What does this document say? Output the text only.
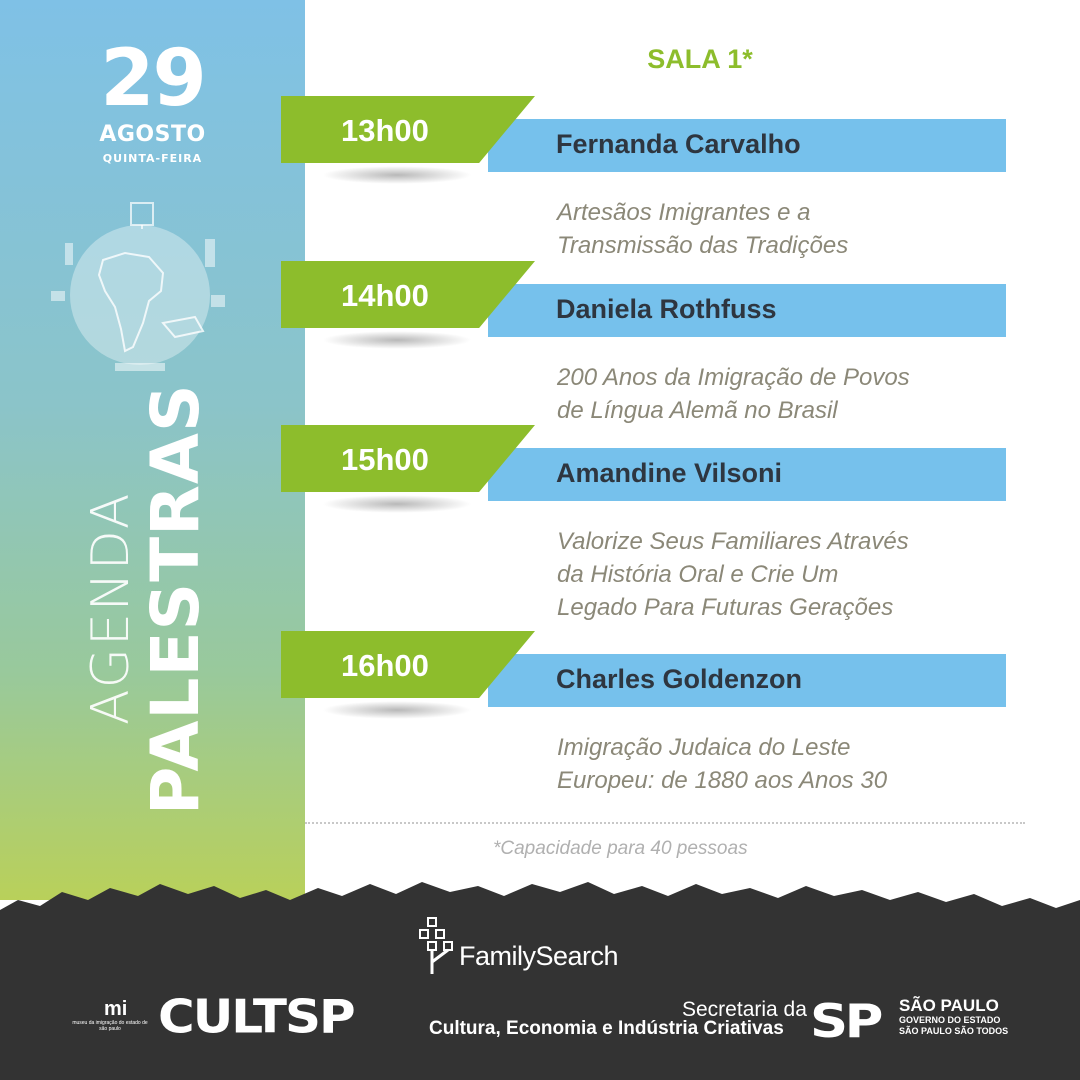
29
AGOSTO
QUINTA-FEIRA
AGENDA
PALESTRAS
SALA 1*
Fernanda Carvalho
13h00
Artesãos Imigrantes e a
Transmissão das Tradições
Daniela Rothfuss
14h00
200 Anos da Imigração de Povos
de Língua Alemã no Brasil
Amandine Vilsoni
15h00
Valorize Seus Familiares Através
da História Oral e Crie Um
Legado Para Futuras Gerações
Charles Goldenzon
16h00
Imigração Judaica do Leste
Europeu: de 1880 aos Anos 30
*Capacidade para 40 pessoas
FamilySearch
mi
museu da imigração do estado de são paulo CULTSP	Secretaria da
Cultura, Economia e Indústria Criativas SP SÃO PAULO
GOVERNO DO ESTADO
SÃO PAULO SÃO TODOS
